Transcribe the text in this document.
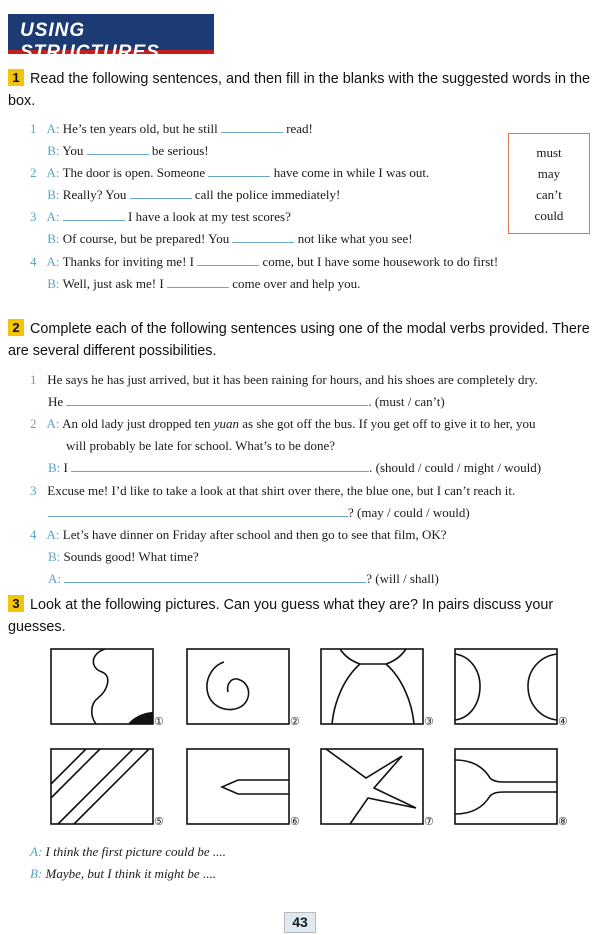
USING STRUCTURES
1 Read the following sentences, and then fill in the blanks with the suggested words in the box.
1 A: He’s ten years old, but he still	read!
B: You	be serious!
2 A: The door is open. Someone	have come in while I was out.
B: Really? You	call the police immediately!
3 A:	I have a look at my test scores?
B: Of course, but be prepared! You	not like what you see!
4 A: Thanks for inviting me! I	come, but I have some housework to do first!
B: Well, just ask me! I	come over and help you.
must
may
can’t
could
2 Complete each of the following sentences using one of the modal verbs provided. There are several different possibilities.
1 He says he has just arrived, but it has been raining for hours, and his shoes are completely dry.
He	. (must / can’t)
2 A: An old lady just dropped ten yuan as she got off the bus. If you get off to give it to her, you
will probably be late for school. What’s to be done?
B: I	. (should / could / might / would)
3 Excuse me! I’d like to take a look at that shirt over there, the blue one, but I can’t reach it.
? (may / could / would)
4 A: Let’s have dinner on Friday after school and then go to see that film, OK?
B: Sounds good! What time?
A:	? (will / shall)
3 Look at the following pictures. Can you guess what they are? In pairs discuss your guesses.
①	②	③	④
⑤	⑥	⑦	⑧
A: I think the first picture could be ....
B: Maybe, but I think it might be ....
43
